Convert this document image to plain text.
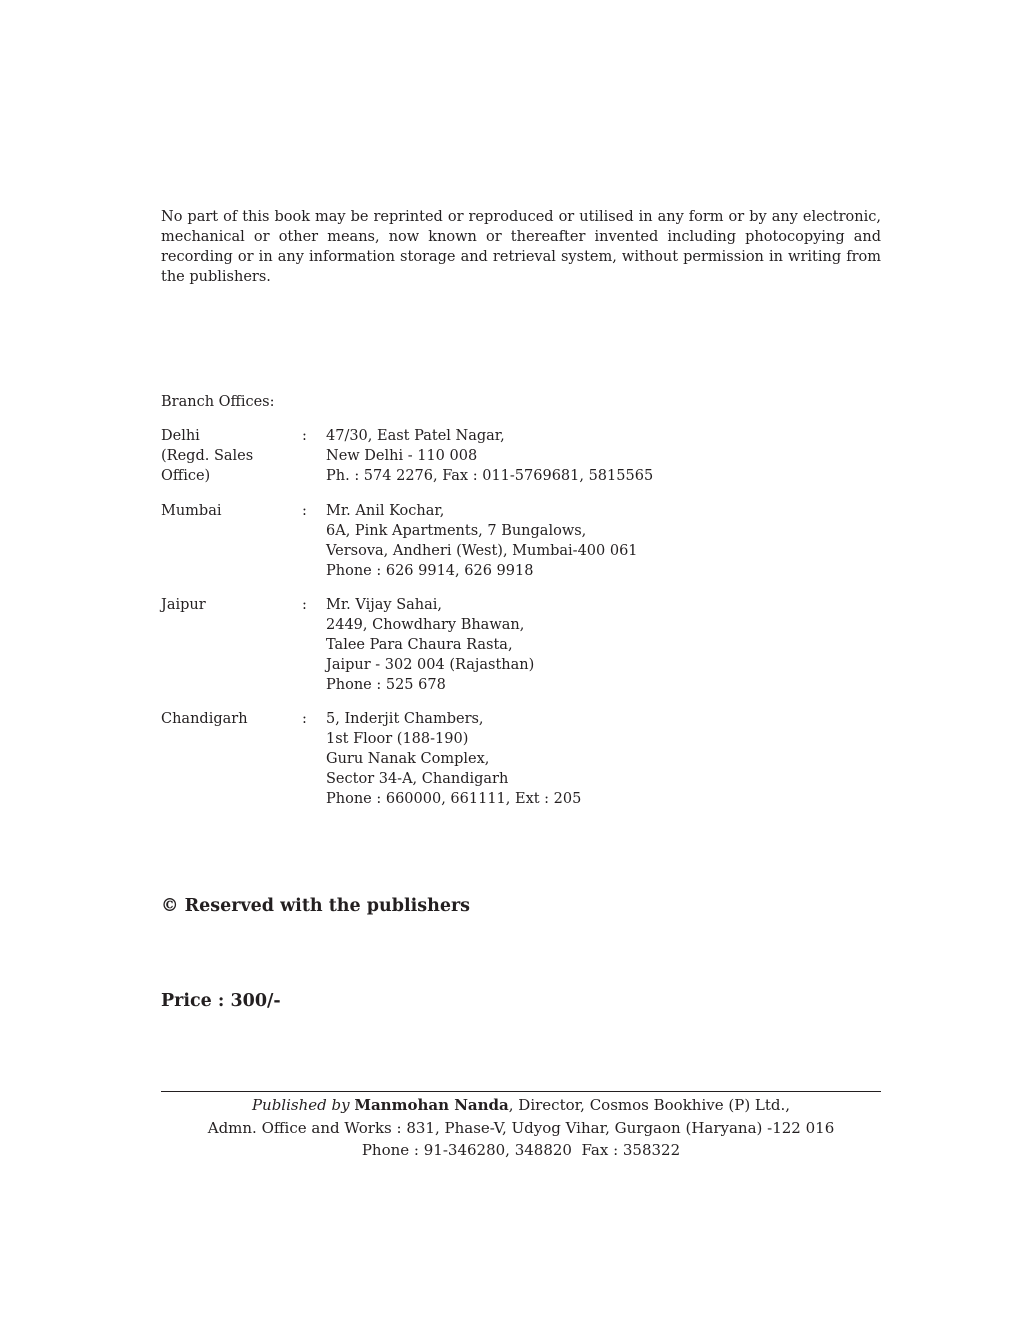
No part of this book may be reprinted or reproduced or utilised in any form or by any electronic, mechanical or other means, now known or thereafter invented including photocopying and recording or in any information storage and retrieval system, without permission in writing from the publishers.

Branch Offices:

Delhi
(Regd. Sales
Office)
: 47/30, East Patel Nagar,
New Delhi - 110 008
Ph. : 574 2276, Fax : 011-5769681, 5815565
Mumbai	: Mr. Anil Kochar,
6A, Pink Apartments, 7 Bungalows,
Versova, Andheri (West), Mumbai-400 061
Phone : 626 9914, 626 9918
Jaipur	: Mr. Vijay Sahai,
2449, Chowdhary Bhawan,
Talee Para Chaura Rasta,
Jaipur - 302 004 (Rajasthan)
Phone : 525 678
Chandigarh	: 5, Inderjit Chambers,
1st Floor (188-190)
Guru Nanak Complex,
Sector 34-A, Chandigarh
Phone : 660000, 661111, Ext : 205

© Reserved with the publishers

Price : 300/-

Published by Manmohan Nanda, Director, Cosmos Bookhive (P) Ltd.,
Admn. Office and Works : 831, Phase-V, Udyog Vihar, Gurgaon (Haryana) -122 016
Phone : 91-346280, 348820  Fax : 358322
